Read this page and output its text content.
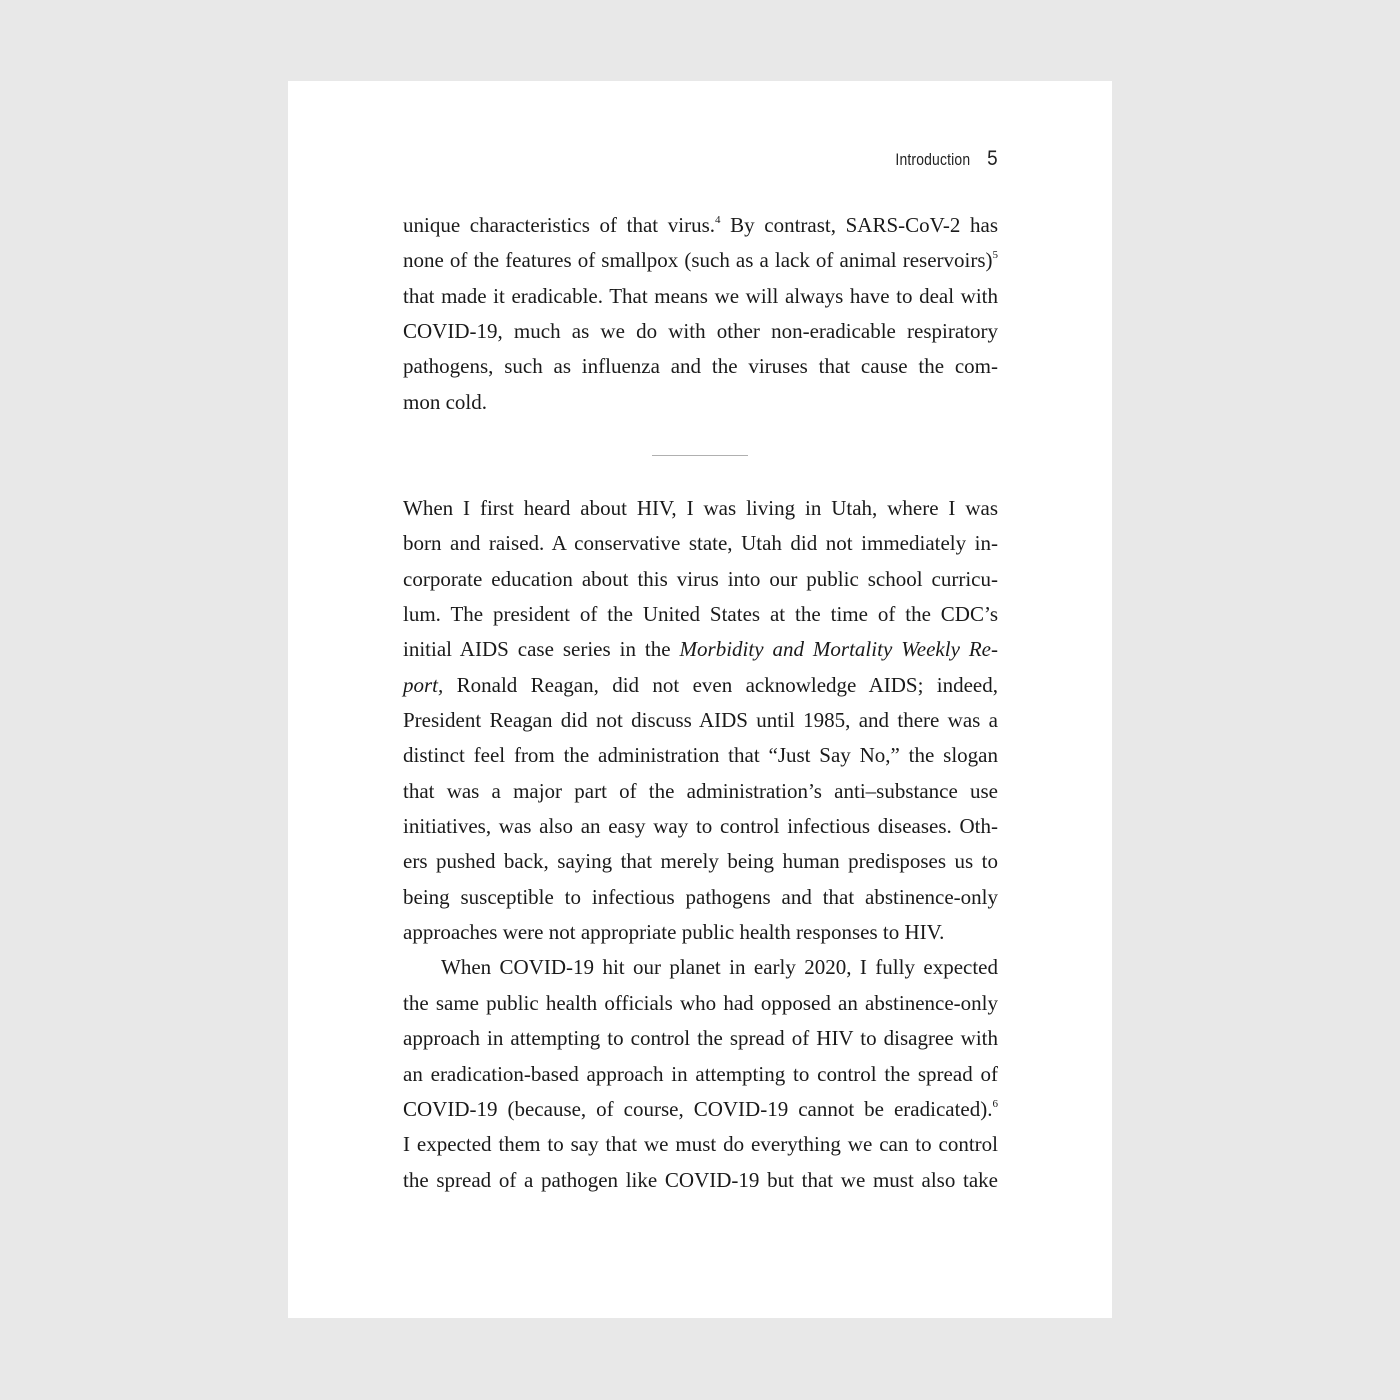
Introduction 5
unique characteristics of that virus.$^4$ By contrast, SARS-CoV-2 has
none of the features of smallpox (such as a lack of animal reservoirs)$^5$
that made it eradicable. That means we will always have to deal with
COVID-19, much as we do with other non-eradicable respiratory
pathogens, such as influenza and the viruses that cause the com-
mon cold.
When I first heard about HIV, I was living in Utah, where I was
born and raised. A conservative state, Utah did not immediately in-
corporate education about this virus into our public school curricu-
lum. The president of the United States at the time of the CDC’s
initial AIDS case series in the Morbidity and Mortality Weekly Re-
port, Ronald Reagan, did not even acknowledge AIDS; indeed,
President Reagan did not discuss AIDS until 1985, and there was a
distinct feel from the administration that “Just Say No,” the slogan
that was a major part of the administration’s anti–substance use
initiatives, was also an easy way to control infectious diseases. Oth-
ers pushed back, saying that merely being human predisposes us to
being susceptible to infectious pathogens and that abstinence-only
approaches were not appropriate public health responses to HIV.
When COVID-19 hit our planet in early 2020, I fully expected
the same public health officials who had opposed an abstinence-only
approach in attempting to control the spread of HIV to disagree with
an eradication-based approach in attempting to control the spread of
COVID-19 (because, of course, COVID-19 cannot be eradicated).$^6$
I expected them to say that we must do everything we can to control
the spread of a pathogen like COVID-19 but that we must also take
